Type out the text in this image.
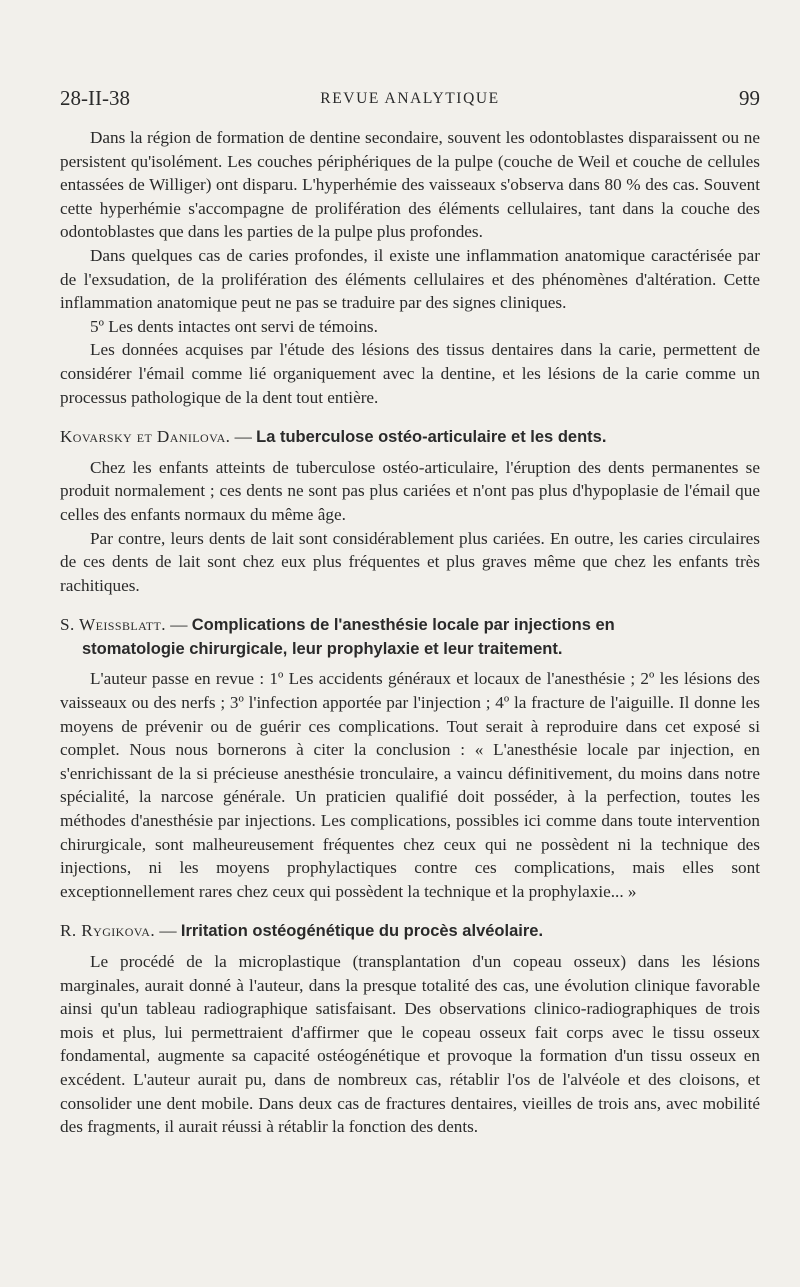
28-II-38	REVUE ANALYTIQUE	99

Dans la région de formation de dentine secondaire, souvent les odontoblastes disparaissent ou ne persistent qu'isolément. Les couches périphériques de la pulpe (couche de Weil et couche de cellules entassées de Williger) ont disparu. L'hyperhémie des vaisseaux s'observa dans 80 % des cas. Souvent cette hyperhémie s'accompagne de prolifération des éléments cellulaires, tant dans la couche des odontoblastes que dans les parties de la pulpe plus profondes.

Dans quelques cas de caries profondes, il existe une inflammation anatomique caractérisée par de l'exsudation, de la prolifération des éléments cellulaires et des phénomènes d'altération. Cette inflammation anatomique peut ne pas se traduire par des signes cliniques.

5º Les dents intactes ont servi de témoins.

Les données acquises par l'étude des lésions des tissus dentaires dans la carie, permettent de considérer l'émail comme lié organiquement avec la dentine, et les lésions de la carie comme un processus pathologique de la dent tout entière.

Kovarsky et Danilova. — La tuberculose ostéo-articulaire et les dents.

Chez les enfants atteints de tuberculose ostéo-articulaire, l'éruption des dents permanentes se produit normalement ; ces dents ne sont pas plus cariées et n'ont pas plus d'hypoplasie de l'émail que celles des enfants normaux du même âge.

Par contre, leurs dents de lait sont considérablement plus cariées. En outre, les caries circulaires de ces dents de lait sont chez eux plus fréquentes et plus graves même que chez les enfants très rachitiques.

S. Weissblatt. — Complications de l'anesthésie locale par injections en
stomatologie chirurgicale, leur prophylaxie et leur traitement.

L'auteur passe en revue : 1º Les accidents généraux et locaux de l'anesthésie ; 2º les lésions des vaisseaux ou des nerfs ; 3º l'infection apportée par l'injection ; 4º la fracture de l'aiguille. Il donne les moyens de prévenir ou de guérir ces complications. Tout serait à reproduire dans cet exposé si complet. Nous nous bornerons à citer la conclusion : « L'anesthésie locale par injection, en s'enrichissant de la si précieuse anesthésie tronculaire, a vaincu définitivement, du moins dans notre spécialité, la narcose générale. Un praticien qualifié doit posséder, à la perfection, toutes les méthodes d'anesthésie par injections. Les complications, possibles ici comme dans toute intervention chirurgicale, sont malheureusement fréquentes chez ceux qui ne possèdent ni la technique des injections, ni les moyens prophylactiques contre ces complications, mais elles sont exceptionnellement rares chez ceux qui possèdent la technique et la prophylaxie... »

R. Rygikova. — Irritation ostéogénétique du procès alvéolaire.

Le procédé de la microplastique (transplantation d'un copeau osseux) dans les lésions marginales, aurait donné à l'auteur, dans la presque totalité des cas, une évolution clinique favorable ainsi qu'un tableau radiographique satisfaisant. Des observations clinico-radiographiques de trois mois et plus, lui permettraient d'affirmer que le copeau osseux fait corps avec le tissu osseux fondamental, augmente sa capacité ostéogénétique et provoque la formation d'un tissu osseux en excédent. L'auteur aurait pu, dans de nombreux cas, rétablir l'os de l'alvéole et des cloisons, et consolider une dent mobile. Dans deux cas de fractures dentaires, vieilles de trois ans, avec mobilité des fragments, il aurait réussi à rétablir la fonction des dents.
